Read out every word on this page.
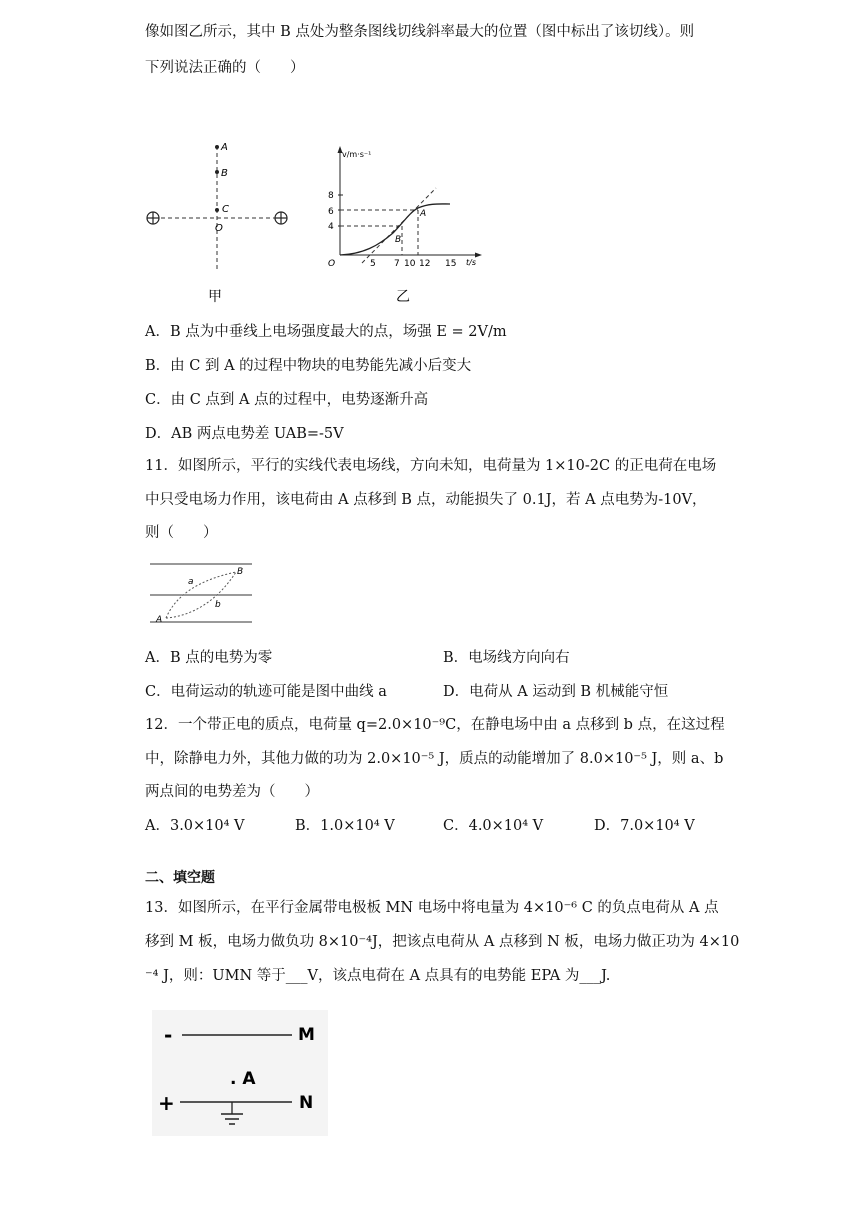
像如图乙所示，其中 B 点处为整条图线切线斜率最大的位置（图中标出了该切线）。则
下列说法正确的（　　）
A
B
C
O
甲
v/m·s⁻¹
t/s
O
8
6
4
5 7 10 12 15
A
B
乙
A．B 点为中垂线上电场强度最大的点，场强 E = 2V/m
B．由 C 到 A 的过程中物块的电势能先减小后变大
C．由 C 点到 A 点的过程中，电势逐渐升高
D．AB 两点电势差 UAB=-5V
11．如图所示，平行的实线代表电场线，方向未知，电荷量为 1×10-2C 的正电荷在电场
中只受电场力作用，该电荷由 A 点移到 B 点，动能损失了 0.1J，若 A 点电势为-10V，
则（　　）
A
B
a
b
A．B 点的电势为零	B．电场线方向向右
C．电荷运动的轨迹可能是图中曲线 a	D．电荷从 A 运动到 B 机械能守恒
12．一个带正电的质点，电荷量 q=2.0×10⁻⁹C，在静电场中由 a 点移到 b 点，在这过程
中，除静电力外，其他力做的功为 2.0×10⁻⁵ J，质点的动能增加了 8.0×10⁻⁵ J，则 a、b
两点间的电势差为（　　）
A．3.0×10⁴ V	B．1.0×10⁴ V	C．4.0×10⁴ V	D．7.0×10⁴ V
二、填空题
13．如图所示，在平行金属带电极板 MN 电场中将电量为 4×10⁻⁶ C 的负点电荷从 A 点
移到 M 板，电场力做负功 8×10⁻⁴J，把该点电荷从 A 点移到 N 板，电场力做正功为 4×10
⁻⁴ J，则：UMN 等于___V，该点电荷在 A 点具有的电势能 EPA 为___J.
-	M
. A
+	N
